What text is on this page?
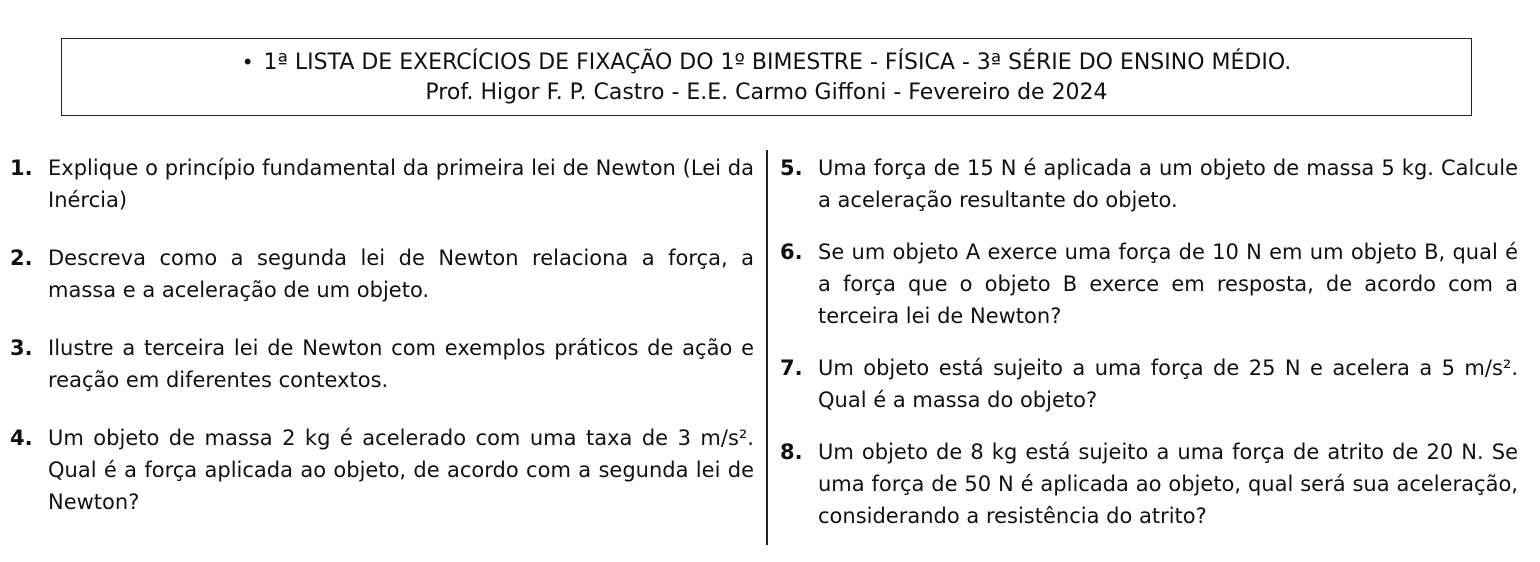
• 1ª LISTA DE EXERCÍCIOS DE FIXAÇÃO DO 1º BIMESTRE - FÍSICA - 3ª SÉRIE DO ENSINO MÉDIO.
Prof. Higor F. P. Castro - E.E. Carmo Giffoni - Fevereiro de 2024
1. Explique o princípio fundamental da primeira lei de Newton (Lei da Inércia)
2. Descreva como a segunda lei de Newton relaciona a força, a massa e a aceleração de um objeto.
3. Ilustre a terceira lei de Newton com exemplos práticos de ação e reação em diferentes contextos.
4. Um objeto de massa 2 kg é acelerado com uma taxa de 3 m/s². Qual é a força aplicada ao objeto, de acordo com a segunda lei de Newton?
5. Uma força de 15 N é aplicada a um objeto de massa 5 kg. Calcule a aceleração resultante do objeto.
6. Se um objeto A exerce uma força de 10 N em um objeto B, qual é a força que o objeto B exerce em resposta, de acordo com a terceira lei de Newton?
7. Um objeto está sujeito a uma força de 25 N e acelera a 5 m/s². Qual é a massa do objeto?
8. Um objeto de 8 kg está sujeito a uma força de atrito de 20 N. Se uma força de 50 N é aplicada ao objeto, qual será sua aceleração, considerando a resistência do atrito?
